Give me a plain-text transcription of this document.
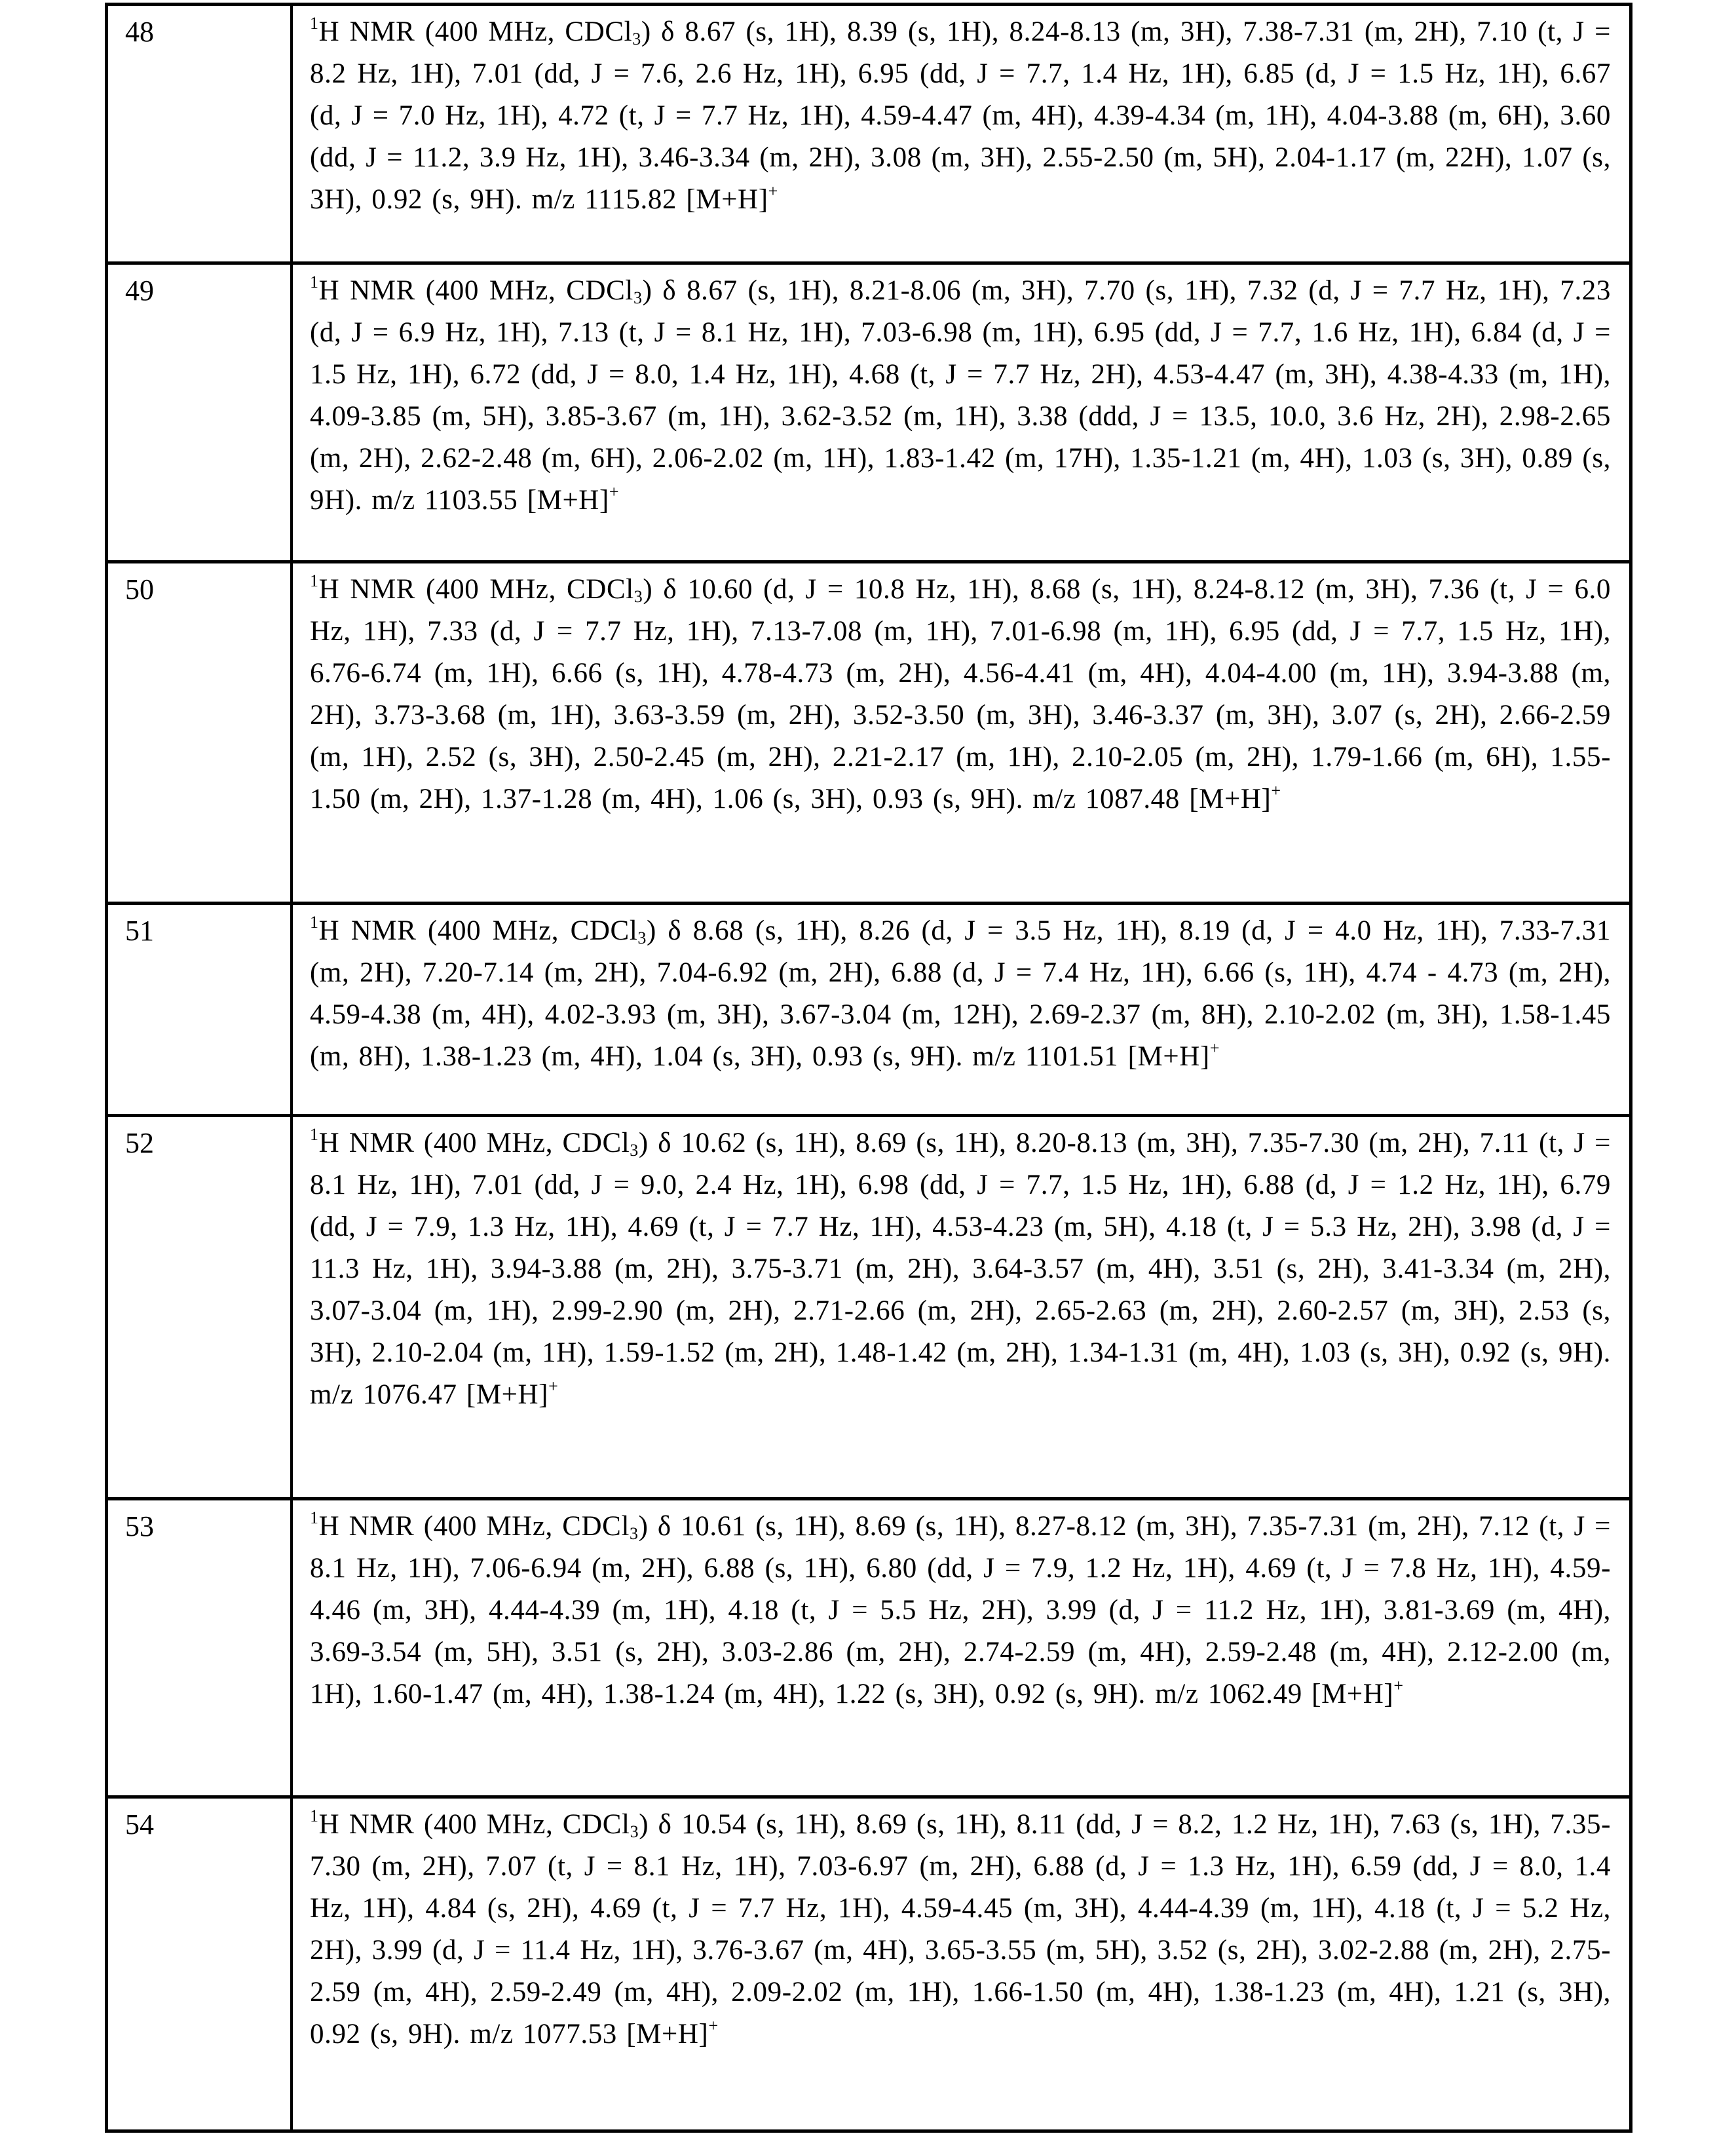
48	$^1$H NMR (400 MHz, CDCl$_3$) δ 8.67 (s, 1H), 8.39 (s, 1H), 8.24-8.13 (m, 3H), 7.38-7.31 (m, 2H), 7.10 (t, J = 8.2 Hz, 1H), 7.01 (dd, J = 7.6, 2.6 Hz, 1H), 6.95 (dd, J = 7.7, 1.4 Hz, 1H), 6.85 (d, J = 1.5 Hz, 1H), 6.67 (d, J = 7.0 Hz, 1H), 4.72 (t, J = 7.7 Hz, 1H), 4.59-4.47 (m, 4H), 4.39-4.34 (m, 1H), 4.04-3.88 (m, 6H), 3.60 (dd, J = 11.2, 3.9 Hz, 1H), 3.46-3.34 (m, 2H), 3.08 (m, 3H), 2.55-2.50 (m, 5H), 2.04-1.17 (m, 22H), 1.07 (s, 3H), 0.92 (s, 9H). m/z 1115.82 [M+H]+
49	$^1$H NMR (400 MHz, CDCl$_3$) δ 8.67 (s, 1H), 8.21-8.06 (m, 3H), 7.70 (s, 1H), 7.32 (d, J = 7.7 Hz, 1H), 7.23 (d, J = 6.9 Hz, 1H), 7.13 (t, J = 8.1 Hz, 1H), 7.03-6.98 (m, 1H), 6.95 (dd, J = 7.7, 1.6 Hz, 1H), 6.84 (d, J = 1.5 Hz, 1H), 6.72 (dd, J = 8.0, 1.4 Hz, 1H), 4.68 (t, J = 7.7 Hz, 2H), 4.53-4.47 (m, 3H), 4.38-4.33 (m, 1H), 4.09-3.85 (m, 5H), 3.85-3.67 (m, 1H), 3.62-3.52 (m, 1H), 3.38 (ddd, J = 13.5, 10.0, 3.6 Hz, 2H), 2.98-2.65 (m, 2H), 2.62-2.48 (m, 6H), 2.06-2.02 (m, 1H), 1.83-1.42 (m, 17H), 1.35-1.21 (m, 4H), 1.03 (s, 3H), 0.89 (s, 9H). m/z 1103.55 [M+H]+
50	$^1$H NMR (400 MHz, CDCl$_3$) δ 10.60 (d, J = 10.8 Hz, 1H), 8.68 (s, 1H), 8.24-8.12 (m, 3H), 7.36 (t, J = 6.0 Hz, 1H), 7.33 (d, J = 7.7 Hz, 1H), 7.13-7.08 (m, 1H), 7.01-6.98 (m, 1H), 6.95 (dd, J = 7.7, 1.5 Hz, 1H), 6.76-6.74 (m, 1H), 6.66 (s, 1H), 4.78-4.73 (m, 2H), 4.56-4.41 (m, 4H), 4.04-4.00 (m, 1H), 3.94-3.88 (m, 2H), 3.73-3.68 (m, 1H), 3.63-3.59 (m, 2H), 3.52-3.50 (m, 3H), 3.46-3.37 (m, 3H), 3.07 (s, 2H), 2.66-2.59 (m, 1H), 2.52 (s, 3H), 2.50-2.45 (m, 2H), 2.21-2.17 (m, 1H), 2.10-2.05 (m, 2H), 1.79-1.66 (m, 6H), 1.55-1.50 (m, 2H), 1.37-1.28 (m, 4H), 1.06 (s, 3H), 0.93 (s, 9H). m/z 1087.48 [M+H]+
51	$^1$H NMR (400 MHz, CDCl$_3$) δ 8.68 (s, 1H), 8.26 (d, J = 3.5 Hz, 1H), 8.19 (d, J = 4.0 Hz, 1H), 7.33-7.31 (m, 2H), 7.20-7.14 (m, 2H), 7.04-6.92 (m, 2H), 6.88 (d, J = 7.4 Hz, 1H), 6.66 (s, 1H), 4.74 - 4.73 (m, 2H), 4.59-4.38 (m, 4H), 4.02-3.93 (m, 3H), 3.67-3.04 (m, 12H), 2.69-2.37 (m, 8H), 2.10-2.02 (m, 3H), 1.58-1.45 (m, 8H), 1.38-1.23 (m, 4H), 1.04 (s, 3H), 0.93 (s, 9H). m/z 1101.51 [M+H]+
52	$^1$H NMR (400 MHz, CDCl$_3$) δ 10.62 (s, 1H), 8.69 (s, 1H), 8.20-8.13 (m, 3H), 7.35-7.30 (m, 2H), 7.11 (t, J = 8.1 Hz, 1H), 7.01 (dd, J = 9.0, 2.4 Hz, 1H), 6.98 (dd, J = 7.7, 1.5 Hz, 1H), 6.88 (d, J = 1.2 Hz, 1H), 6.79 (dd, J = 7.9, 1.3 Hz, 1H), 4.69 (t, J = 7.7 Hz, 1H), 4.53-4.23 (m, 5H), 4.18 (t, J = 5.3 Hz, 2H), 3.98 (d, J = 11.3 Hz, 1H), 3.94-3.88 (m, 2H), 3.75-3.71 (m, 2H), 3.64-3.57 (m, 4H), 3.51 (s, 2H), 3.41-3.34 (m, 2H), 3.07-3.04 (m, 1H), 2.99-2.90 (m, 2H), 2.71-2.66 (m, 2H), 2.65-2.63 (m, 2H), 2.60-2.57 (m, 3H), 2.53 (s, 3H), 2.10-2.04 (m, 1H), 1.59-1.52 (m, 2H), 1.48-1.42 (m, 2H), 1.34-1.31 (m, 4H), 1.03 (s, 3H), 0.92 (s, 9H). m/z 1076.47 [M+H]+
53	$^1$H NMR (400 MHz, CDCl$_3$) δ 10.61 (s, 1H), 8.69 (s, 1H), 8.27-8.12 (m, 3H), 7.35-7.31 (m, 2H), 7.12 (t, J = 8.1 Hz, 1H), 7.06-6.94 (m, 2H), 6.88 (s, 1H), 6.80 (dd, J = 7.9, 1.2 Hz, 1H), 4.69 (t, J = 7.8 Hz, 1H), 4.59-4.46 (m, 3H), 4.44-4.39 (m, 1H), 4.18 (t, J = 5.5 Hz, 2H), 3.99 (d, J = 11.2 Hz, 1H), 3.81-3.69 (m, 4H), 3.69-3.54 (m, 5H), 3.51 (s, 2H), 3.03-2.86 (m, 2H), 2.74-2.59 (m, 4H), 2.59-2.48 (m, 4H), 2.12-2.00 (m, 1H), 1.60-1.47 (m, 4H), 1.38-1.24 (m, 4H), 1.22 (s, 3H), 0.92 (s, 9H). m/z 1062.49 [M+H]+
54	$^1$H NMR (400 MHz, CDCl$_3$) δ 10.54 (s, 1H), 8.69 (s, 1H), 8.11 (dd, J = 8.2, 1.2 Hz, 1H), 7.63 (s, 1H), 7.35-7.30 (m, 2H), 7.07 (t, J = 8.1 Hz, 1H), 7.03-6.97 (m, 2H), 6.88 (d, J = 1.3 Hz, 1H), 6.59 (dd, J = 8.0, 1.4 Hz, 1H), 4.84 (s, 2H), 4.69 (t, J = 7.7 Hz, 1H), 4.59-4.45 (m, 3H), 4.44-4.39 (m, 1H), 4.18 (t, J = 5.2 Hz, 2H), 3.99 (d, J = 11.4 Hz, 1H), 3.76-3.67 (m, 4H), 3.65-3.55 (m, 5H), 3.52 (s, 2H), 3.02-2.88 (m, 2H), 2.75-2.59 (m, 4H), 2.59-2.49 (m, 4H), 2.09-2.02 (m, 1H), 1.66-1.50 (m, 4H), 1.38-1.23 (m, 4H), 1.21 (s, 3H), 0.92 (s, 9H). m/z 1077.53 [M+H]+
